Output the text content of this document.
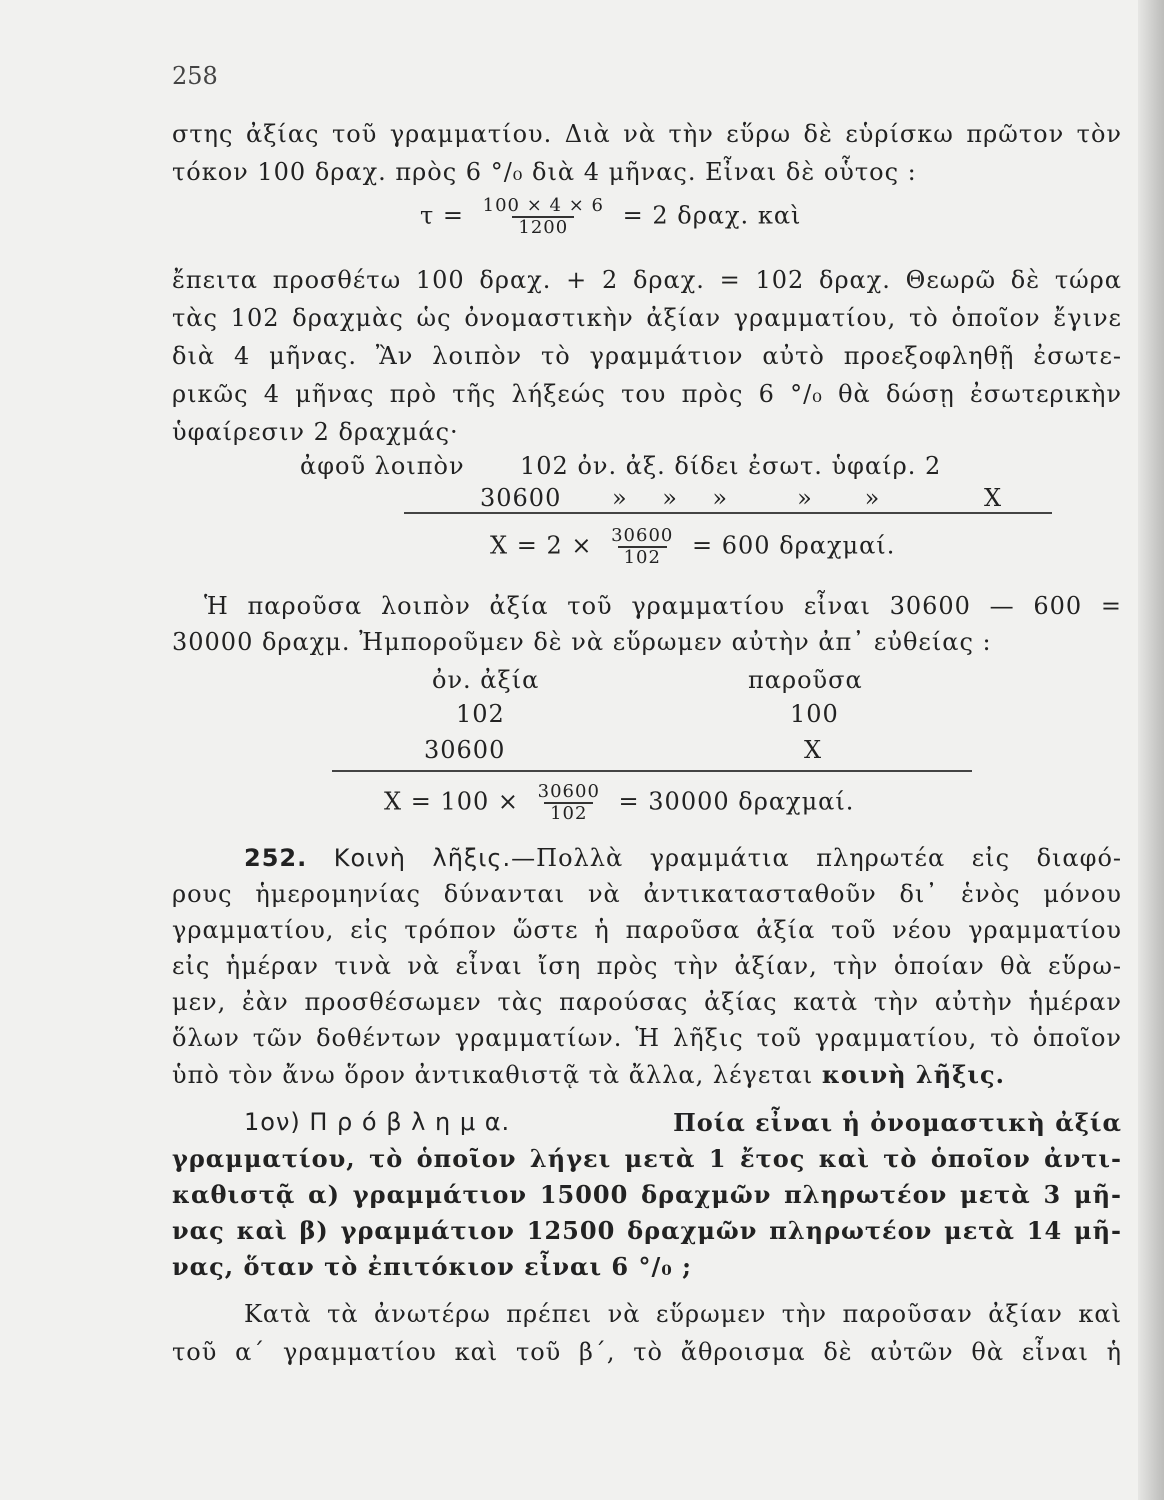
258
στης ἀξίας τοῦ γραμματίου. Διὰ νὰ τὴν εὕρω δὲ εὑρίσκω πρῶτον τὸν
τόκον 100 δραχ. πρὸς 6 °/₀ διὰ 4 μῆνας. Εἶναι δὲ οὗτος :
$\tau = \frac{100 \times 4 \times 6}{1200} = 2$ δραχ. καὶ
ἔπειτα προσθέτω 100 δραχ. + 2 δραχ. = 102 δραχ. Θεωρῶ δὲ τώρα
τὰς 102 δραχμὰς ὡς ὀνομαστικὴν ἀξίαν γραμματίου, τὸ ὁποῖον ἔγινε
διὰ 4 μῆνας. Ἂν λοιπὸν τὸ γραμμάτιον αὐτὸ προεξοφληθῇ ἐσωτε-
ρικῶς 4 μῆνας πρὸ τῆς λήξεώς του πρὸς 6 °/₀ θὰ δώσῃ ἐσωτερικὴν
ὑφαίρεσιν 2 δραχμάς·
ἀφοῦ λοιπὸν 102 ὀν. ἀξ. δίδει ἐσωτ. ὑφαίρ. 2
30600 »    »    »        »      »	X
$X = 2 \times \frac{30600}{102} = 600$ δραχμαί.
Ἡ παροῦσα λοιπὸν ἀξία τοῦ γραμματίου εἶναι 30600 — 600 =
30000 δραχμ. Ἠμποροῦμεν δὲ νὰ εὕρωμεν αὐτὴν ἀπ᾽ εὐθείας :
ὀν. ἀξία	παροῦσα
102	100
30600	X
$X = 100 \times \frac{30600}{102} = 30000$ δραχμαί.
252. Κοινὴ λῆξις.—Πολλὰ γραμμάτια πληρωτέα εἰς διαφό-
ρους ἡμερομηνίας δύνανται νὰ ἀντικατασταθοῦν δι᾽ ἑνὸς μόνου
γραμματίου, εἰς τρόπον ὥστε ἡ παροῦσα ἀξία τοῦ νέου γραμματίου
εἰς ἡμέραν τινὰ νὰ εἶναι ἴση πρὸς τὴν ἀξίαν, τὴν ὁποίαν θὰ εὕρω-
μεν, ἐὰν προσθέσωμεν τὰς παρούσας ἀξίας κατὰ τὴν αὐτὴν ἡμέραν
ὅλων τῶν δοθέντων γραμματίων. Ἡ λῆξις τοῦ γραμματίου, τὸ ὁποῖον
ὑπὸ τὸν ἄνω ὅρον ἀντικαθιστᾷ τὰ ἄλλα, λέγεται κοινὴ λῆξις.
1ον) Π ρ ό β λ η μ α.	Ποία εἶναι ἡ ὀνομαστικὴ ἀξία
γραμματίου, τὸ ὁποῖον λήγει μετὰ 1 ἔτος καὶ τὸ ὁποῖον ἀντι-
καθιστᾷ α) γραμμάτιον 15000 δραχμῶν πληρωτέον μετὰ 3 μῆ-
νας καὶ β) γραμμάτιον 12500 δραχμῶν πληρωτέον μετὰ 14 μῆ-
νας, ὅταν τὸ ἐπιτόκιον εἶναι 6 °/₀ ;
Κατὰ τὰ ἀνωτέρω πρέπει νὰ εὕρωμεν τὴν παροῦσαν ἀξίαν καὶ
τοῦ α΄ γραμματίου καὶ τοῦ β΄, τὸ ἄθροισμα δὲ αὐτῶν θὰ εἶναι ἡ
